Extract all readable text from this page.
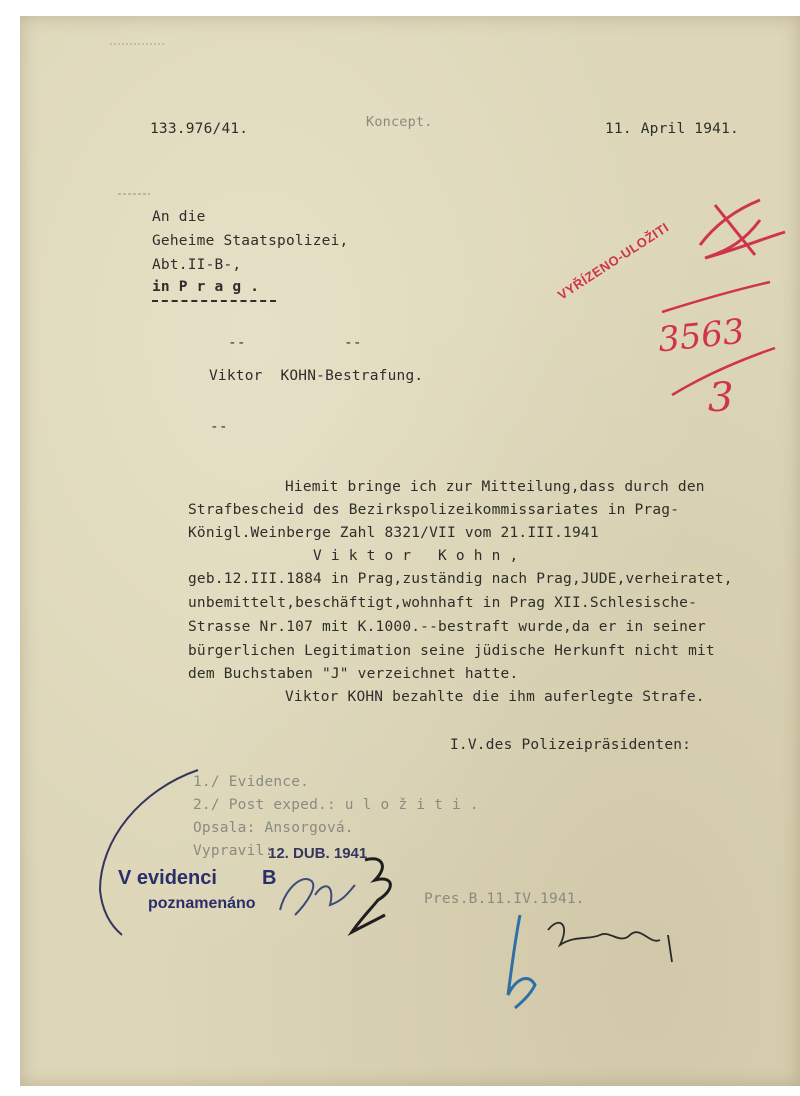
133.976/41.	Koncept.	11. April 1941.
An die
Geheime Staatspolizei,
Abt.II-B-,
in P r a g .
--	--
Viktor  KOHN-Bestrafung.
--
Hiemit bringe ich zur Mitteilung,dass durch den
Strafbescheid des Bezirkspolizeikommissariates in Prag-
Königl.Weinberge Zahl 8321/VII vom 21.III.1941
V i k t o r   K o h n ,
geb.12.III.1884 in Prag,zuständig nach Prag,JUDE,verheiratet,
unbemittelt,beschäftigt,wohnhaft in Prag XII.Schlesische-
Strasse Nr.107 mit K.1000.--bestraft wurde,da er in seiner
bürgerlichen Legitimation seine jüdische Herkunft nicht mit
dem Buchstaben "J" verzeichnet hatte.
Viktor KOHN bezahlte die ihm auferlegte Strafe.
I.V.des Polizeipräsidenten:
1./ Evidence.
2./ Post exped.: u l o ž i t i .
Opsala: Ansorgová.
Vypravil:
12. DUB. 1941
V evidenci B
poznamenáno	Pres.B.11.IV.1941.
VYŘÍZENO-ULOŽITI
3563
3
